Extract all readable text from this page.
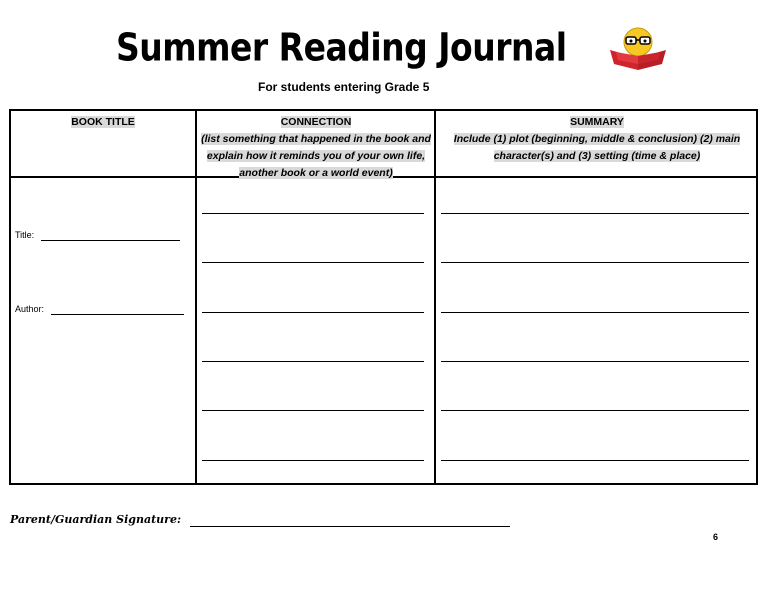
Summer Reading Journal
For students entering Grade 5
BOOK TITLE	CONNECTION
(list something that happened in the book and explain how it reminds you of your own life, another book or a world event)
SUMMARY
Include (1) plot (beginning, middle & conclusion) (2) main character(s) and (3) setting (time & place)
Title:
Author:
Parent/Guardian Signature:
6
